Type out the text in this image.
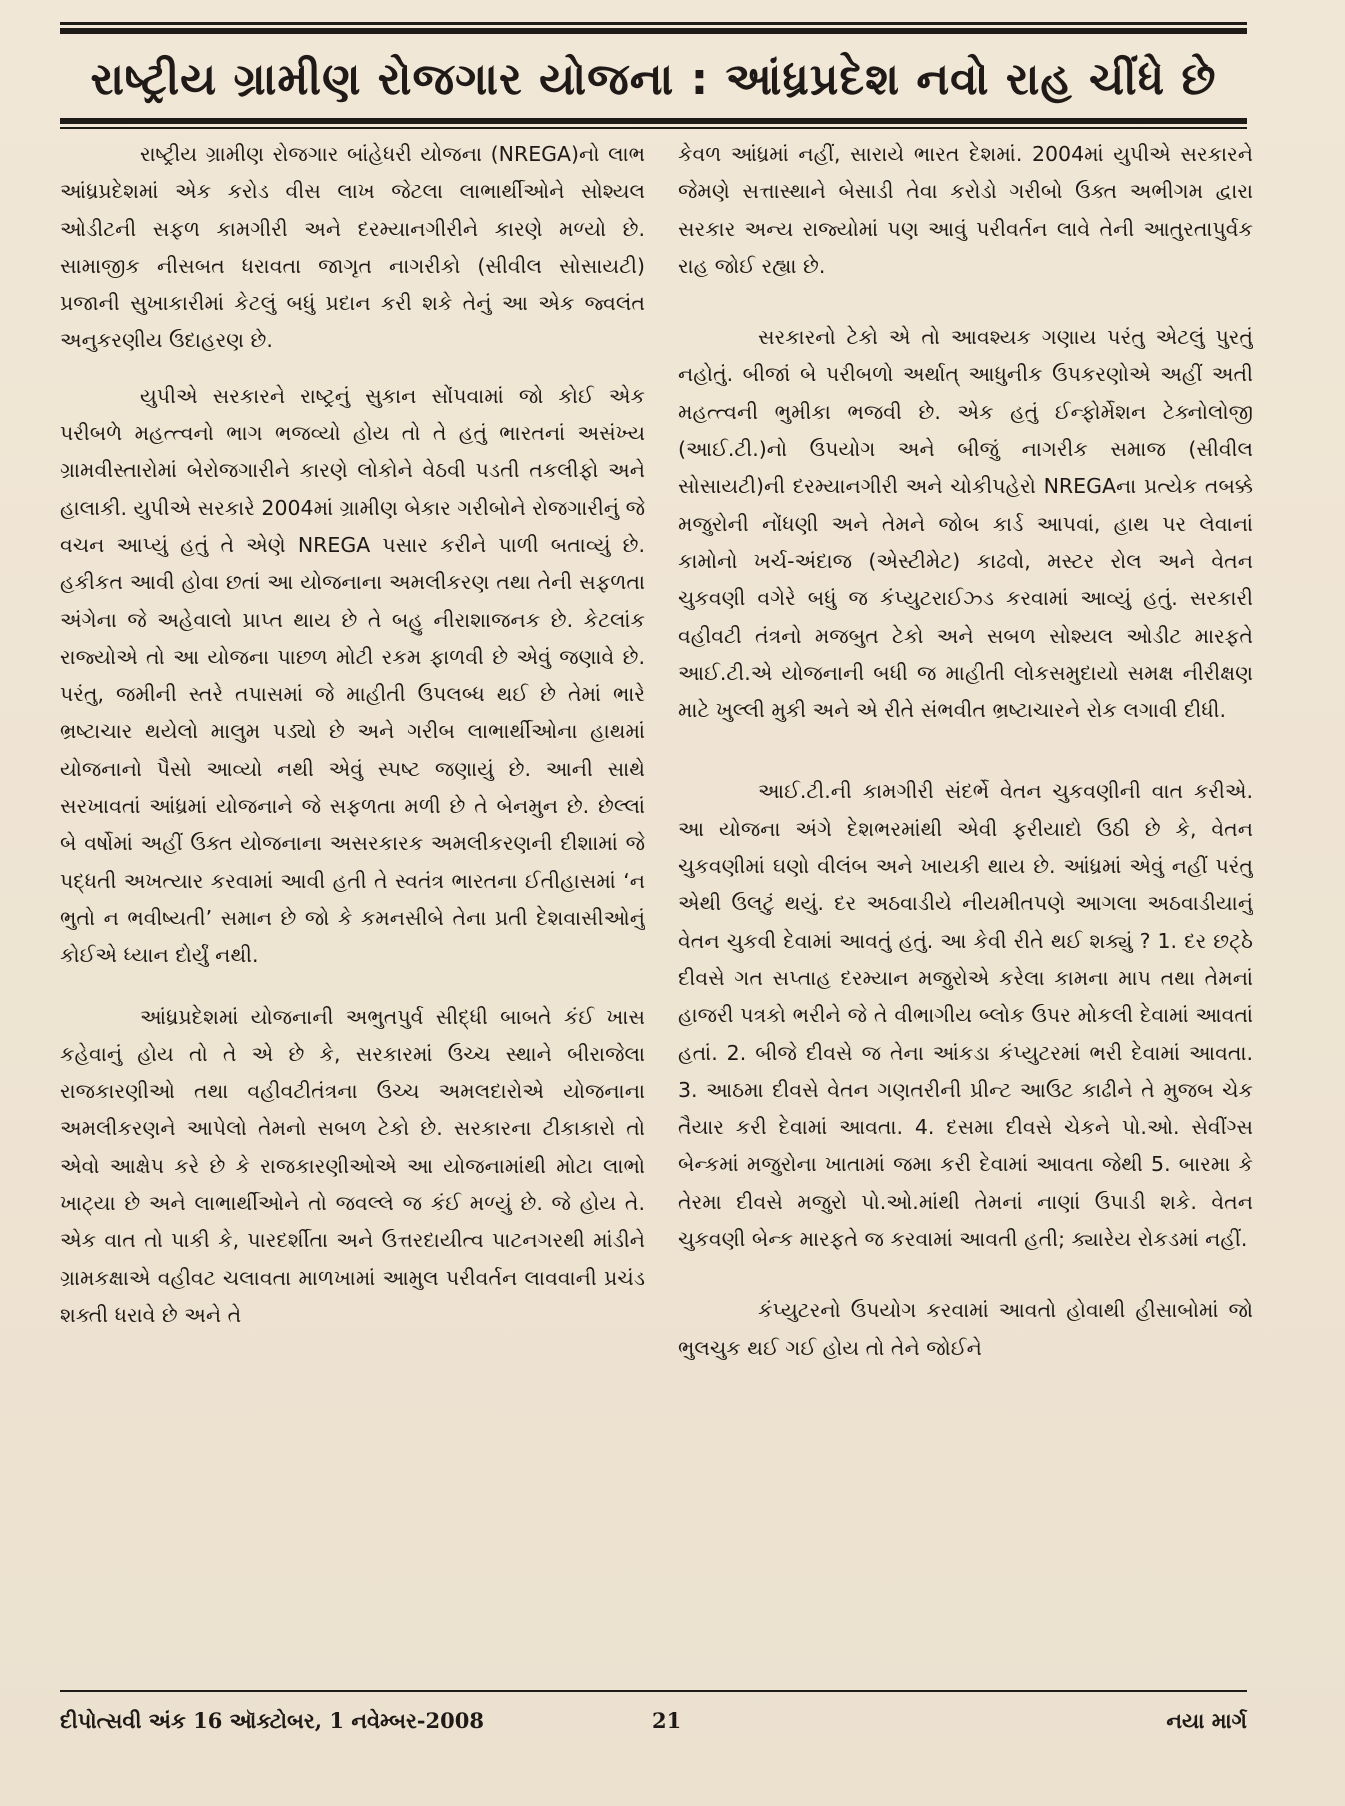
રાષ્ટ્રીય ગ્રામીણ રોજગાર યોજના : આંધ્રપ્રદેશ નવો રાહ ચીંધે છે

રાષ્ટ્રીય ગ્રામીણ રોજગાર બાંહેધરી યોજના (NREGA)નો લાભ આંધ્રપ્રદેશમાં એક કરોડ વીસ લાખ જેટલા લાભાર્થીઓને સોશ્યલ ઓડીટની સફળ કામગીરી અને દરમ્યાનગીરીને કારણે મળ્યો છે. સામાજીક નીસબત ધરાવતા જાગૃત નાગરીકો (સીવીલ સોસાયટી) પ્રજાની સુખાકારીમાં કેટલું બધું પ્રદાન કરી શકે તેનું આ એક જ્વલંત અનુકરણીય ઉદાહરણ છે.

યુપીએ સરકારને રાષ્ટ્રનું સુકાન સોંપવામાં જો કોઈ એક પરીબળે મહત્ત્વનો ભાગ ભજવ્યો હોય તો તે હતું ભારતનાં અસંખ્ય ગ્રામવીસ્તારોમાં બેરોજગારીને કારણે લોકોને વેઠવી પડતી તકલીફો અને હાલાકી. યુપીએ સરકારે 2004માં ગ્રામીણ બેકાર ગરીબોને રોજગારીનું જે વચન આપ્યું હતું તે એણે NREGA પસાર કરીને પાળી બતાવ્યું છે. હકીકત આવી હોવા છતાં આ યોજનાના અમલીકરણ તથા તેની સફળતા અંગેના જે અહેવાલો પ્રાપ્ત થાય છે તે બહુ નીરાશાજનક છે. કેટલાંક રાજ્યોએ તો આ યોજના પાછળ મોટી રકમ ફાળવી છે એવું જણાવે છે. પરંતુ, જમીની સ્તરે તપાસમાં જે માહીતી ઉપલબ્ધ થઈ છે તેમાં ભારે ભ્રષ્ટાચાર થયેલો માલુમ પડ્યો છે અને ગરીબ લાભાર્થીઓના હાથમાં યોજનાનો પૈસો આવ્યો નથી એવું સ્પષ્ટ જણાયું છે. આની સાથે સરખાવતાં આંધ્રમાં યોજનાને જે સફળતા મળી છે તે બેનમુન છે. છેલ્લાં બે વર્ષોમાં અહીં ઉક્ત યોજનાના અસરકારક અમલીકરણની દીશામાં જે પદ્ધતી અખત્યાર કરવામાં આવી હતી તે સ્વતંત્ર ભારતના ઈતીહાસમાં ‘ન ભુતો ન ભવીષ્યતી’ સમાન છે જો કે કમનસીબે તેના પ્રતી દેશવાસીઓનું કોઈએ ધ્યાન દોર્યું નથી.

આંધ્રપ્રદેશમાં યોજનાની અભુતપુર્વ સીદ્ધી બાબતે કંઈ ખાસ કહેવાનું હોય તો તે એ છે કે, સરકારમાં ઉચ્ચ સ્થાને બીરાજેલા રાજકારણીઓ તથા વહીવટીતંત્રના ઉચ્ચ અમલદારોએ યોજનાના અમલીકરણને આપેલો તેમનો સબળ ટેકો છે. સરકારના ટીકાકારો તો એવો આક્ષેપ કરે છે કે રાજકારણીઓએ આ યોજનામાંથી મોટા લાભો ખાટ્યા છે અને લાભાર્થીઓને તો જવલ્લે જ કંઈ મળ્યું છે. જે હોય તે. એક વાત તો પાકી કે, પારદર્શીતા અને ઉત્તરદાયીત્વ પાટનગરથી માંડીને ગ્રામકક્ષાએ વહીવટ ચલાવતા માળખામાં આમુલ પરીવર્તન લાવવાની પ્રચંડ શક્તી ધરાવે છે અને તે

કેવળ આંધ્રમાં નહીં, સારાયે ભારત દેશમાં. 2004માં યુપીએ સરકારને જેમણે સત્તાસ્થાને બેસાડી તેવા કરોડો ગરીબો ઉક્ત અભીગમ દ્વારા સરકાર અન્ય રાજ્યોમાં પણ આવું પરીવર્તન લાવે તેની આતુરતાપુર્વક રાહ જોઈ રહ્યા છે.

સરકારનો ટેકો એ તો આવશ્યક ગણાય પરંતુ એટલું પુરતું નહોતું. બીજાં બે પરીબળો અર્થાત્ આધુનીક ઉપકરણોએ અહીં અતી મહત્ત્વની ભુમીકા ભજવી છે. એક હતું ઈન્ફોર્મેશન ટેક્નોલોજી (આઈ.ટી.)નો ઉપયોગ અને બીજું નાગરીક સમાજ (સીવીલ સોસાયટી)ની દરમ્યાનગીરી અને ચોકીપહેરો NREGAના પ્રત્યેક તબક્કે મજુરોની નોંધણી અને તેમને જોબ કાર્ડ આપવાં, હાથ પર લેવાનાં કામોનો ખર્ચ-અંદાજ (એસ્ટીમેટ) કાઢવો, મસ્ટર રોલ અને વેતન ચુકવણી વગેરે બધું જ કંપ્યુટરાઈઝ્ડ કરવામાં આવ્યું હતું. સરકારી વહીવટી તંત્રનો મજબુત ટેકો અને સબળ સોશ્યલ ઓડીટ મારફતે આઈ.ટી.એ યોજનાની બધી જ માહીતી લોકસમુદાયો સમક્ષ નીરીક્ષણ માટે ખુલ્લી મુકી અને એ રીતે સંભવીત ભ્રષ્ટાચારને રોક લગાવી દીધી.

આઈ.ટી.ની કામગીરી સંદર્ભે વેતન ચુકવણીની વાત કરીએ. આ યોજના અંગે દેશભરમાંથી એવી ફરીયાદો ઉઠી છે કે, વેતન ચુકવણીમાં ઘણો વીલંબ અને ખાયકી થાય છે. આંધ્રમાં એવું નહીં પરંતુ એથી ઉલટું થયું. દર અઠવાડીયે નીયમીતપણે આગલા અઠવાડીયાનું વેતન ચુકવી દેવામાં આવતું હતું. આ કેવી રીતે થઈ શક્યું ? 1. દર છટ્ઠે દીવસે ગત સપ્તાહ દરમ્યાન મજુરોએ કરેલા કામના માપ તથા તેમનાં હાજરી પત્રકો ભરીને જે તે વીભાગીય બ્લોક ઉપર મોકલી દેવામાં આવતાં હતાં. 2. બીજે દીવસે જ તેના આંકડા કંપ્યુટરમાં ભરી દેવામાં આવતા. 3. આઠમા દીવસે વેતન ગણતરીની પ્રીન્ટ આઉટ કાઢીને તે મુજબ ચેક તૈયાર કરી દેવામાં આવતા. 4. દસમા દીવસે ચેકને પો.ઓ. સેવીંગ્સ બેન્કમાં મજુરોના ખાતામાં જમા કરી દેવામાં આવતા જેથી 5. બારમા કે તેરમા દીવસે મજુરો પો.ઓ.માંથી તેમનાં નાણાં ઉપાડી શકે. વેતન ચુકવણી બેન્ક મારફતે જ કરવામાં આવતી હતી; ક્યારેય રોકડમાં નહીં.

કંપ્યુટરનો ઉપયોગ કરવામાં આવતો હોવાથી હીસાબોમાં જો ભુલચુક થઈ ગઈ હોય તો તેને જોઈને

દીપોત્સવી અંક 16 ઑક્ટોબર, 1 નવેમ્બર-2008	21	નયા માર્ગ
